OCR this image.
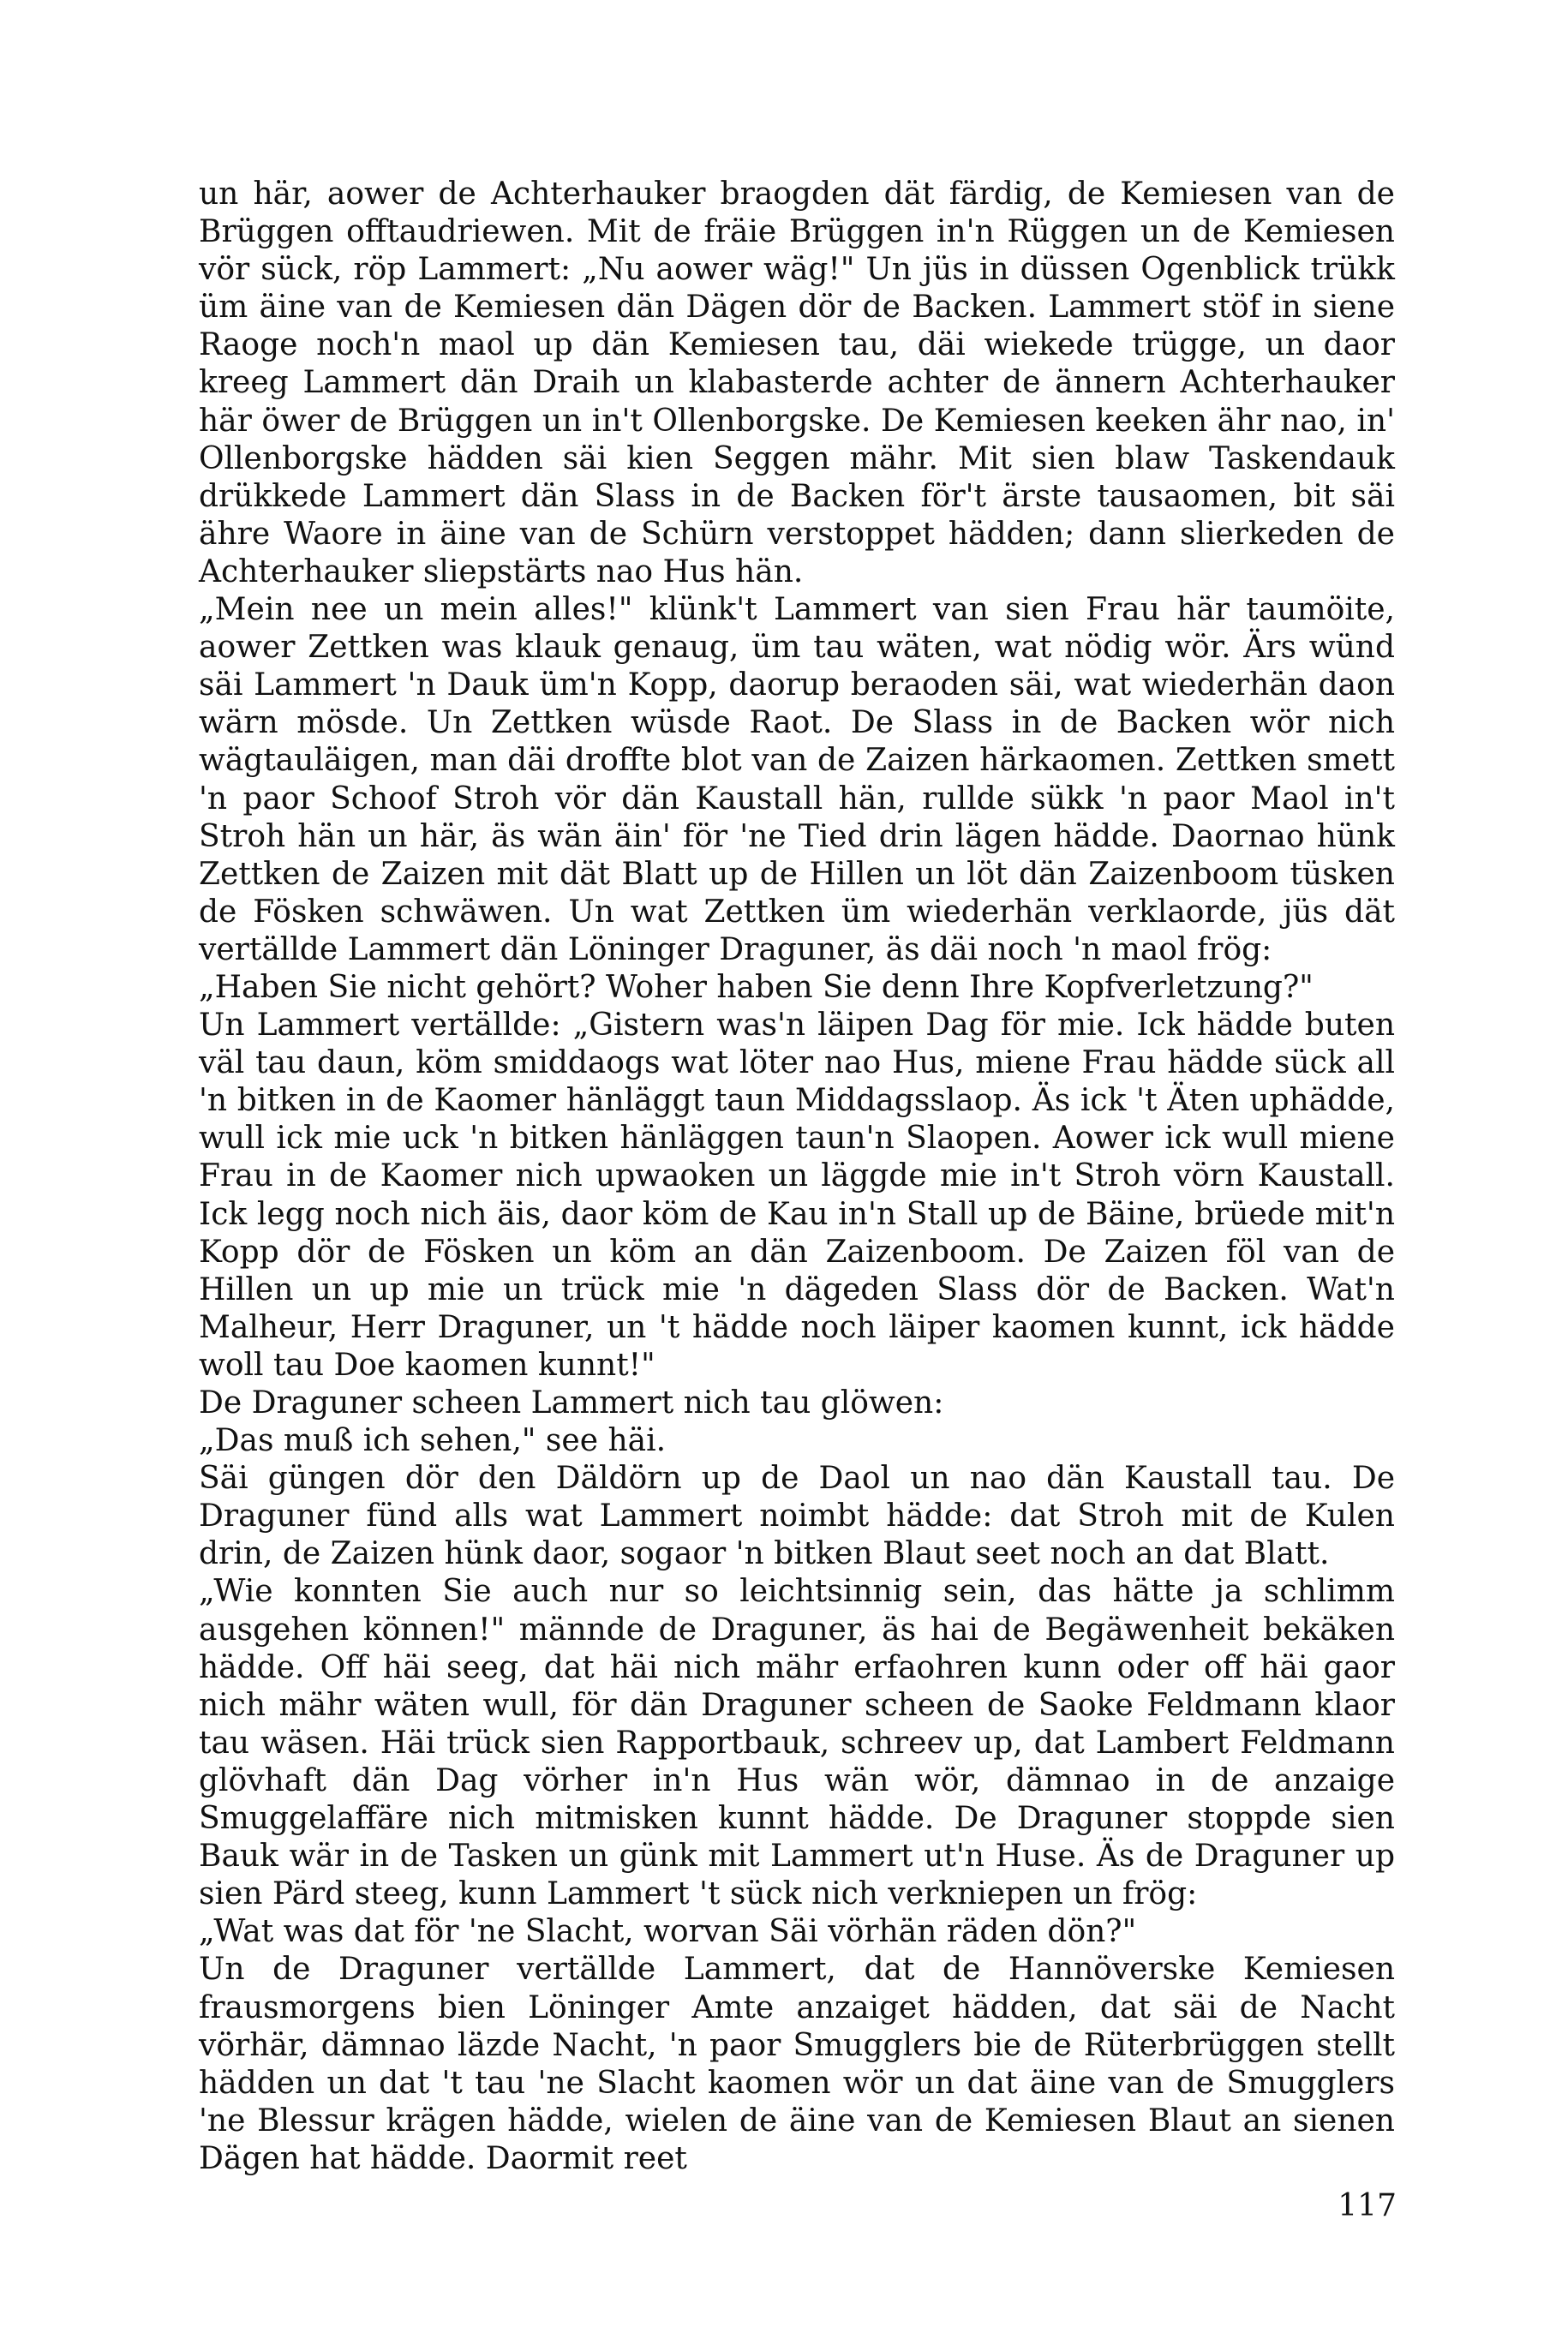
un här, aower de Achterhauker braogden dät färdig, de Kemiesen van de Brüggen offtaudriewen. Mit de fräie Brüggen in'n Rüggen un de Kemiesen vör sück, röp Lammert: „Nu aower wäg!" Un jüs in düssen Ogenblick trükk üm äine van de Kemiesen dän Dägen dör de Backen. Lammert stöf in siene Raoge noch'n maol up dän Kemiesen tau, däi wiekede trügge, un daor kreeg Lammert dän Draih un klabasterde achter de ännern Achterhauker här öwer de Brüggen un in't Ollenborgske. De Kemiesen keeken ähr nao, in' Ollenborgske hädden säi kien Seggen mähr. Mit sien blaw Taskendauk drükkede Lammert dän Slass in de Backen för't ärste tausaomen, bit säi ähre Waore in äine van de Schürn verstoppet hädden; dann slierkeden de Achterhauker sliepstärts nao Hus hän.

„Mein nee un mein alles!" klünk't Lammert van sien Frau här taumöite, aower Zettken was klauk genaug, üm tau wäten, wat nödig wör. Ärs wünd säi Lammert 'n Dauk üm'n Kopp, daorup beraoden säi, wat wiederhän daon wärn mösde. Un Zettken wüsde Raot. De Slass in de Backen wör nich wägtauläigen, man däi droffte blot van de Zaizen härkaomen. Zettken smett 'n paor Schoof Stroh vör dän Kaustall hän, rullde sükk 'n paor Maol in't Stroh hän un här, äs wän äin' för 'ne Tied drin lägen hädde. Daornao hünk Zettken de Zaizen mit dät Blatt up de Hillen un löt dän Zaizenboom tüsken de Fösken schwäwen. Un wat Zettken üm wiederhän verklaorde, jüs dät vertällde Lammert dän Löninger Draguner, äs däi noch 'n maol frög:

„Haben Sie nicht gehört? Woher haben Sie denn Ihre Kopfverletzung?"

Un Lammert vertällde: „Gistern was'n läipen Dag för mie. Ick hädde buten väl tau daun, köm smiddaogs wat löter nao Hus, miene Frau hädde sück all 'n bitken in de Kaomer hänläggt taun Middagsslaop. Äs ick 't Äten uphädde, wull ick mie uck 'n bitken hänläggen taun'n Slaopen. Aower ick wull miene Frau in de Kaomer nich upwaoken un läggde mie in't Stroh vörn Kaustall. Ick legg noch nich äis, daor köm de Kau in'n Stall up de Bäine, brüede mit'n Kopp dör de Fösken un köm an dän Zaizenboom. De Zaizen föl van de Hillen un up mie un trück mie 'n dägeden Slass dör de Backen. Wat'n Malheur, Herr Draguner, un 't hädde noch läiper kaomen kunnt, ick hädde woll tau Doe kaomen kunnt!"

De Draguner scheen Lammert nich tau glöwen:

„Das muß ich sehen," see häi.

Säi güngen dör den Däldörn up de Daol un nao dän Kaustall tau. De Draguner fünd alls wat Lammert noimbt hädde: dat Stroh mit de Kulen drin, de Zaizen hünk daor, sogaor 'n bitken Blaut seet noch an dat Blatt.

„Wie konnten Sie auch nur so leichtsinnig sein, das hätte ja schlimm ausgehen können!" männde de Draguner, äs hai de Begäwenheit bekäken hädde. Off häi seeg, dat häi nich mähr erfaohren kunn oder off häi gaor nich mähr wäten wull, för dän Draguner scheen de Saoke Feldmann klaor tau wäsen. Häi trück sien Rapportbauk, schreev up, dat Lambert Feldmann glövhaft dän Dag vörher in'n Hus wän wör, dämnao in de anzaige Smuggelaffäre nich mitmisken kunnt hädde. De Draguner stoppde sien Bauk wär in de Tasken un günk mit Lammert ut'n Huse. Äs de Draguner up sien Pärd steeg, kunn Lammert 't sück nich verkniepen un frög:

„Wat was dat för 'ne Slacht, worvan Säi vörhän räden dön?"

Un de Draguner vertällde Lammert, dat de Hannöverske Kemiesen frausmorgens bien Löninger Amte anzaiget hädden, dat säi de Nacht vörhär, dämnao läzde Nacht, 'n paor Smugglers bie de Rüterbrüggen stellt hädden un dat 't tau 'ne Slacht kaomen wör un dat äine van de Smugglers 'ne Blessur krägen hädde, wielen de äine van de Kemiesen Blaut an sienen Dägen hat hädde. Daormit reet

117
